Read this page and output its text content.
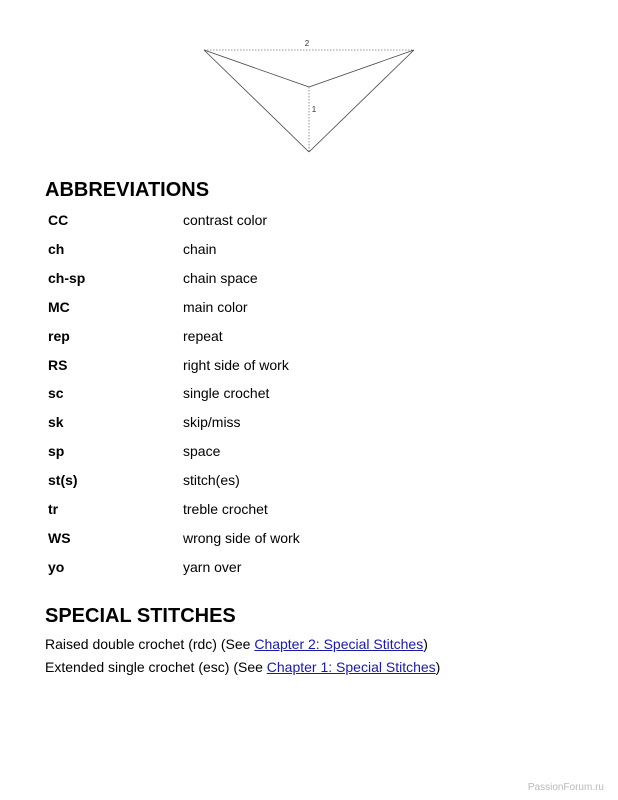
2
1
ABBREVIATIONS
CC	contrast color
ch	chain
ch-sp	chain space
MC	main color
rep	repeat
RS	right side of work
sc	single crochet
sk	skip/miss
sp	space
st(s)	stitch(es)
tr	treble crochet
WS	wrong side of work
yo	yarn over
SPECIAL STITCHES
Raised double crochet (rdc) (See Chapter 2: Special Stitches)
Extended single crochet (esc) (See Chapter 1: Special Stitches)
PassionForum.ru
